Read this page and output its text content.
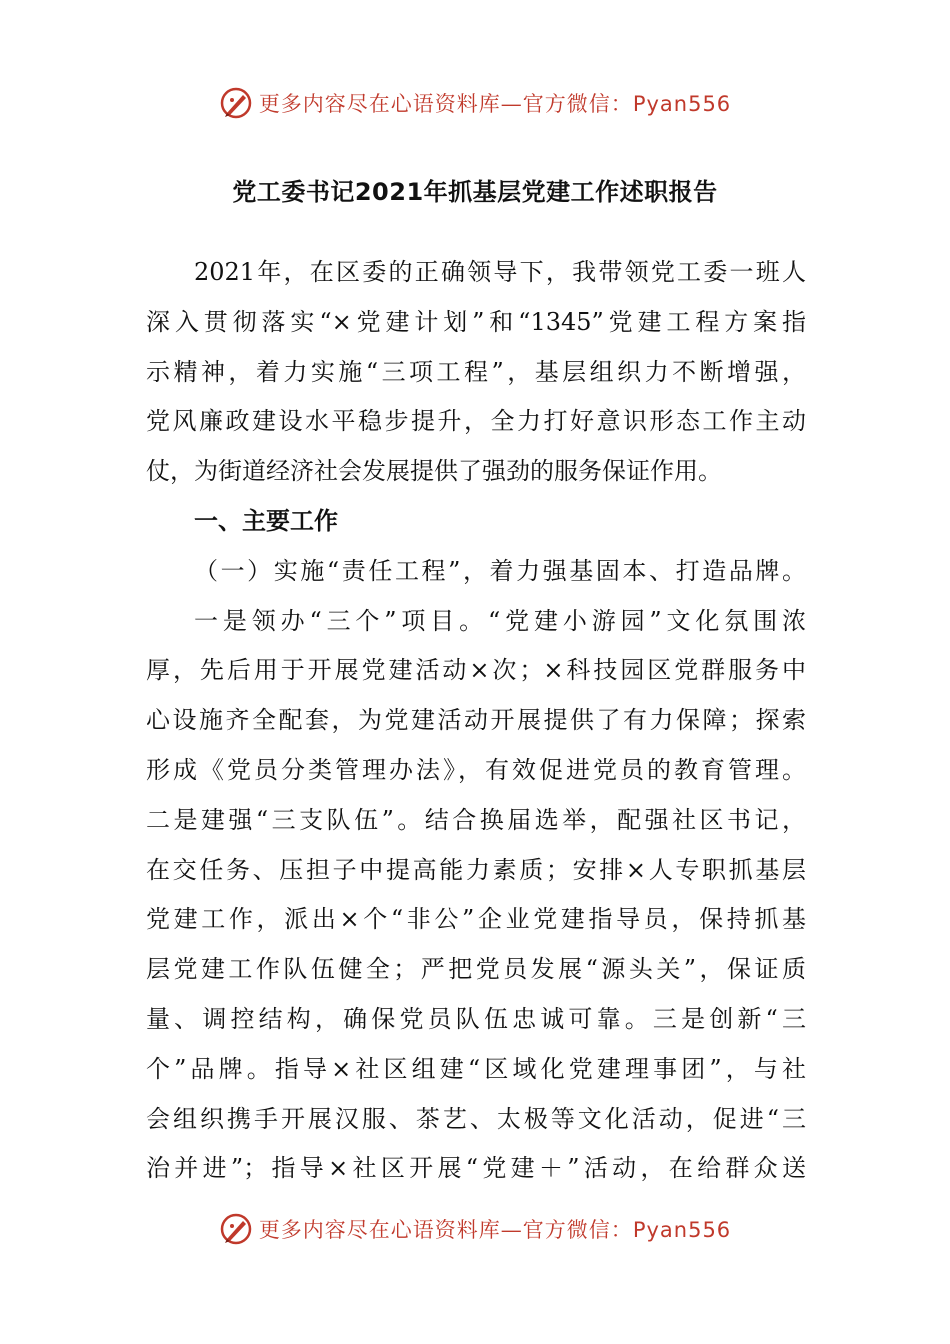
更多内容尽在心语资料库—官方微信：Pyan556
党工委书记2021年抓基层党建工作述职报告
2021年，在区委的正确领导下，我带领党工委一班人
深入贯彻落实“×党建计划”和“1345”党建工程方案指
示精神，着力实施“三项工程”，基层组织力不断增强，
党风廉政建设水平稳步提升，全力打好意识形态工作主动
仗，为街道经济社会发展提供了强劲的服务保证作用。
一、主要工作
（一）实施“责任工程”，着力强基固本、打造品牌。
一是领办“三个”项目。“党建小游园”文化氛围浓
厚，先后用于开展党建活动×次；×科技园区党群服务中
心设施齐全配套，为党建活动开展提供了有力保障；探索
形成《党员分类管理办法》，有效促进党员的教育管理。
二是建强“三支队伍”。结合换届选举，配强社区书记，
在交任务、压担子中提高能力素质；安排×人专职抓基层
党建工作，派出×个“非公”企业党建指导员，保持抓基
层党建工作队伍健全；严把党员发展“源头关”，保证质
量、调控结构，确保党员队伍忠诚可靠。三是创新“三
个”品牌。指导×社区组建“区域化党建理事团”，与社
会组织携手开展汉服、茶艺、太极等文化活动，促进“三
治并进”；指导×社区开展“党建＋”活动，在给群众送
更多内容尽在心语资料库—官方微信：Pyan556
